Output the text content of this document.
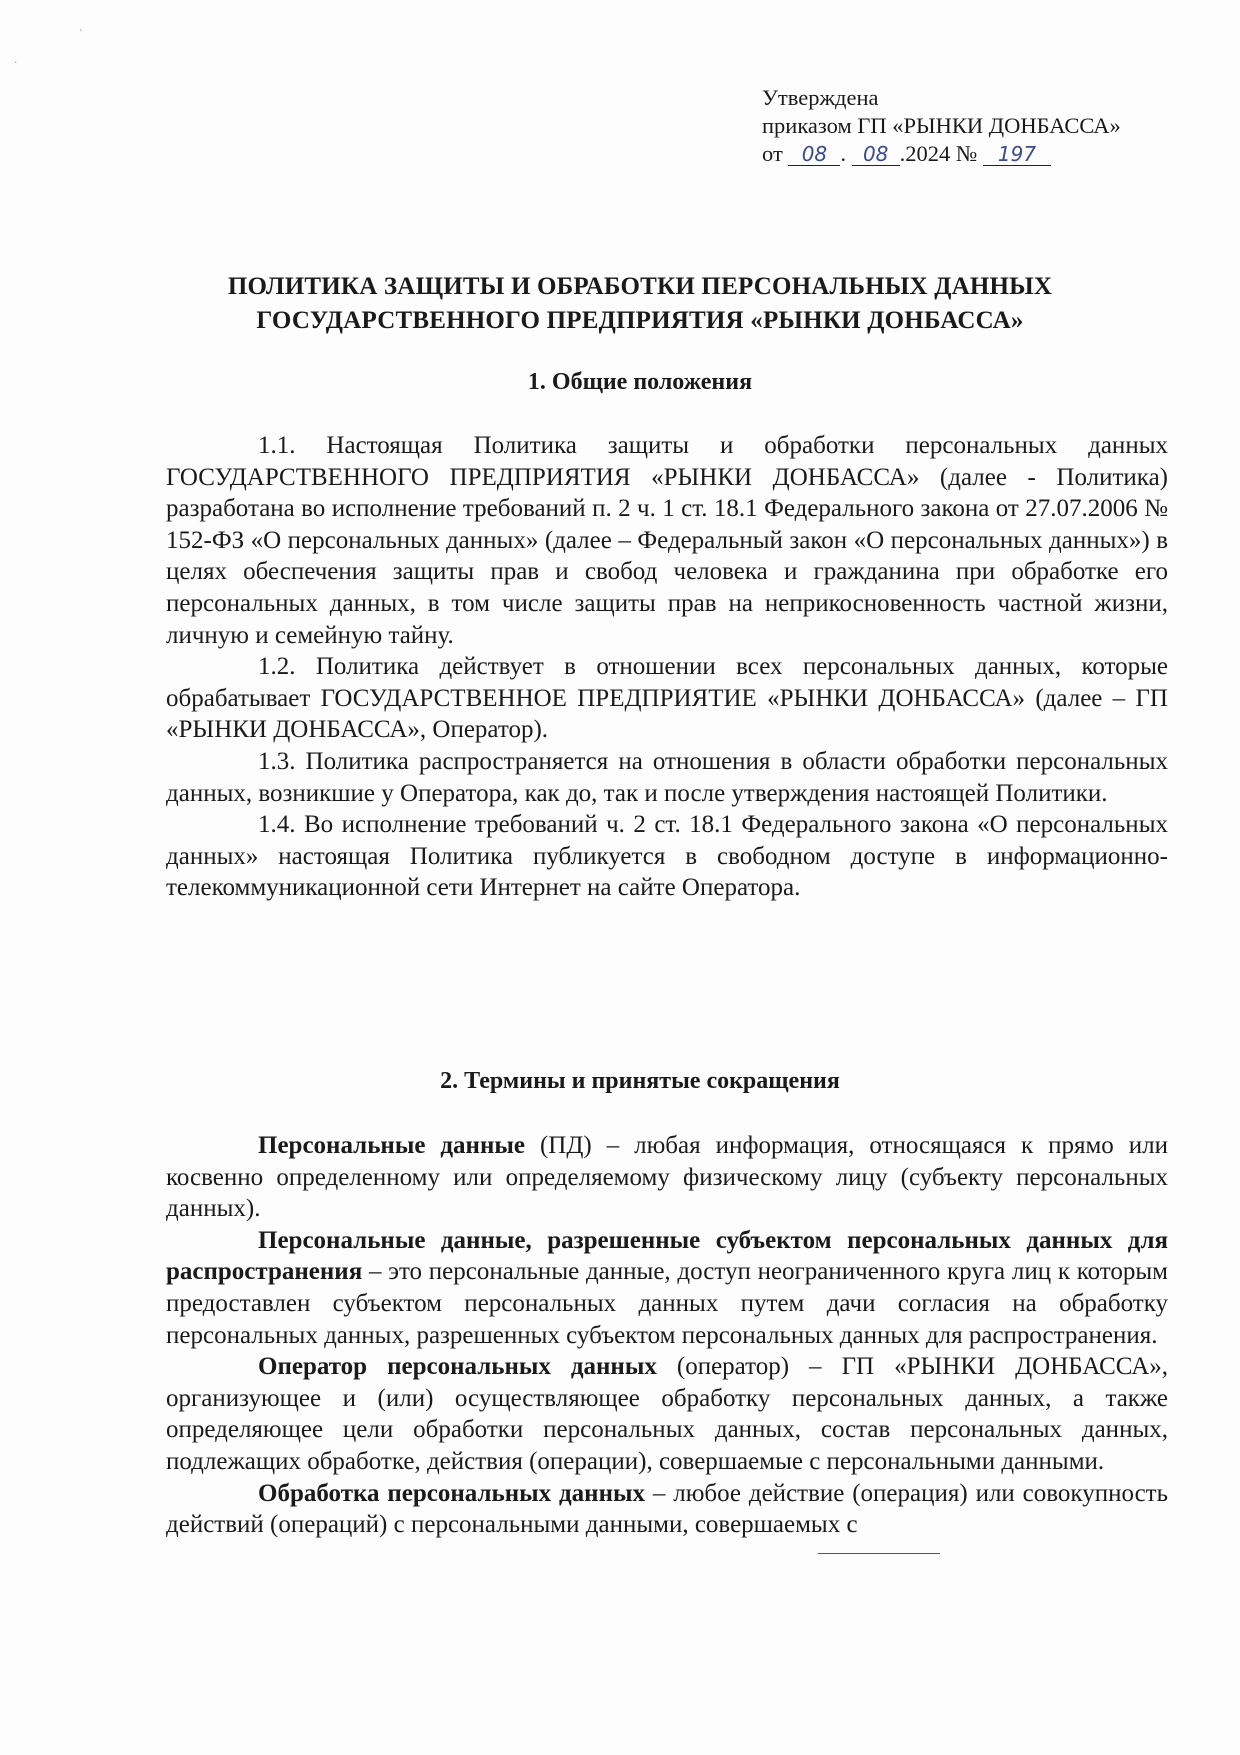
'
·
Утверждена
приказом ГП «РЫНКИ ДОНБАССА»
от 08 . 08 .2024 № 197
ПОЛИТИКА ЗАЩИТЫ И ОБРАБОТКИ ПЕРСОНАЛЬНЫХ ДАННЫХ
ГОСУДАРСТВЕННОГО ПРЕДПРИЯТИЯ «РЫНКИ ДОНБАССА»
1. Общие положения

1.1. Настоящая Политика защиты и обработки персональных данных ГОСУДАРСТВЕННОГО ПРЕДПРИЯТИЯ «РЫНКИ ДОНБАССА» (далее - Политика) разработана во исполнение требований п. 2 ч. 1 ст. 18.1 Федерального закона от 27.07.2006 № 152-ФЗ «О персональных данных» (далее – Федеральный закон «О персональных данных») в целях обеспечения защиты прав и свобод человека и гражданина при обработке его персональных данных, в том числе защиты прав на неприкосновенность частной жизни, личную и семейную тайну.

1.2. Политика действует в отношении всех персональных данных, которые обрабатывает ГОСУДАРСТВЕННОЕ ПРЕДПРИЯТИЕ «РЫНКИ ДОНБАССА» (далее – ГП «РЫНКИ ДОНБАССА», Оператор).

1.3. Политика распространяется на отношения в области обработки персональных данных, возникшие у Оператора, как до, так и после утверждения настоящей Политики.

1.4. Во исполнение требований ч. 2 ст. 18.1 Федерального закона «О персональных данных» настоящая Политика публикуется в свободном доступе в информационно-телекоммуникационной сети Интернет на сайте Оператора.

2. Термины и принятые сокращения

Персональные данные (ПД) – любая информация, относящаяся к прямо или косвенно определенному или определяемому физическому лицу (субъекту персональных данных).

Персональные данные, разрешенные субъектом персональных данных для распространения – это персональные данные, доступ неограниченного круга лиц к которым предоставлен субъектом персональных данных путем дачи согласия на обработку персональных данных, разрешенных субъектом персональных данных для распространения.

Оператор персональных данных (оператор) – ГП «РЫНКИ ДОНБАССА», организующее и (или) осуществляющее обработку персональных данных, а также определяющее цели обработки персональных данных, состав персональных данных, подлежащих обработке, действия (операции), совершаемые с персональными данными.

Обработка персональных данных – любое действие (операция) или совокупность действий (операций) с персональными данными, совершаемых с
